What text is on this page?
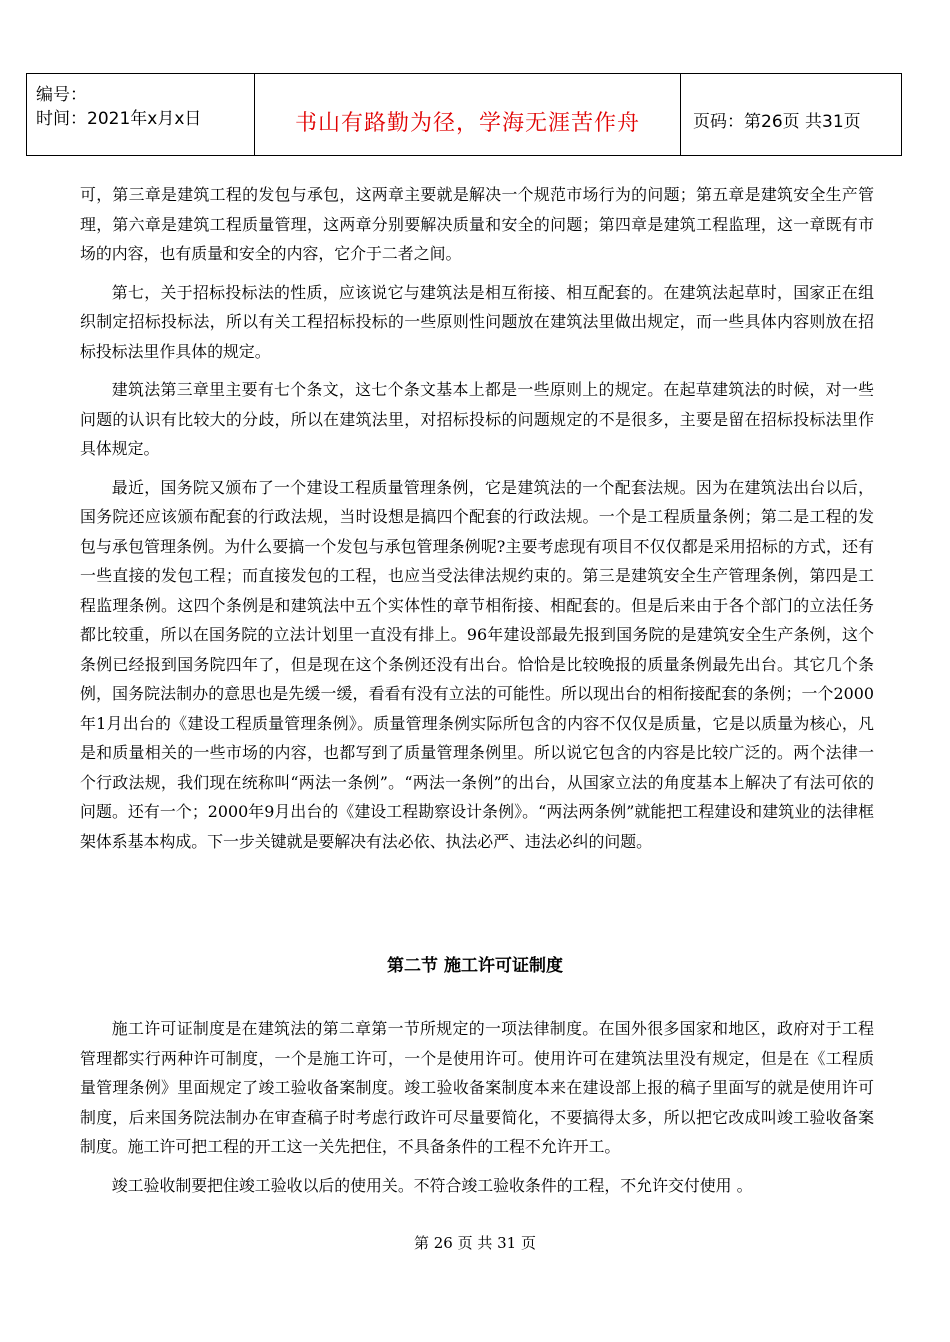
编号：
时间：2021年x月x日	书山有路勤为径，学海无涯苦作舟	页码：第26页 共31页

可，第三章是建筑工程的发包与承包，这两章主要就是解决一个规范市场行为的问题；第五章是建筑安全生产管理，第六章是建筑工程质量管理，这两章分别要解决质量和安全的问题；第四章是建筑工程监理，这一章既有市场的内容，也有质量和安全的内容，它介于二者之间。

第七，关于招标投标法的性质，应该说它与建筑法是相互衔接、相互配套的。在建筑法起草时，国家正在组织制定招标投标法，所以有关工程招标投标的一些原则性问题放在建筑法里做出规定，而一些具体内容则放在招标投标法里作具体的规定。

建筑法第三章里主要有七个条文，这七个条文基本上都是一些原则上的规定。在起草建筑法的时候，对一些问题的认识有比较大的分歧，所以在建筑法里，对招标投标的问题规定的不是很多，主要是留在招标投标法里作具体规定。

最近，国务院又颁布了一个建设工程质量管理条例，它是建筑法的一个配套法规。因为在建筑法出台以后，国务院还应该颁布配套的行政法规，当时设想是搞四个配套的行政法规。一个是工程质量条例；第二是工程的发包与承包管理条例。为什么要搞一个发包与承包管理条例呢?主要考虑现有项目不仅仅都是采用招标的方式，还有一些直接的发包工程；而直接发包的工程，也应当受法律法规约束的。第三是建筑安全生产管理条例，第四是工程监理条例。这四个条例是和建筑法中五个实体性的章节相衔接、相配套的。但是后来由于各个部门的立法任务都比较重，所以在国务院的立法计划里一直没有排上。96年建设部最先报到国务院的是建筑安全生产条例，这个条例已经报到国务院四年了，但是现在这个条例还没有出台。恰恰是比较晚报的质量条例最先出台。其它几个条例，国务院法制办的意思也是先缓一缓，看看有没有立法的可能性。所以现出台的相衔接配套的条例；一个2000年1月出台的《建设工程质量管理条例》。质量管理条例实际所包含的内容不仅仅是质量，它是以质量为核心，凡是和质量相关的一些市场的内容，也都写到了质量管理条例里。所以说它包含的内容是比较广泛的。两个法律一个行政法规，我们现在统称叫“两法一条例”。“两法一条例”的出台，从国家立法的角度基本上解决了有法可依的问题。还有一个；2000年9月出台的《建设工程勘察设计条例》。“两法两条例”就能把工程建设和建筑业的法律框架体系基本构成。下一步关键就是要解决有法必依、执法必严、违法必纠的问题。

第二节 施工许可证制度

施工许可证制度是在建筑法的第二章第一节所规定的一项法律制度。在国外很多国家和地区，政府对于工程管理都实行两种许可制度，一个是施工许可，一个是使用许可。使用许可在建筑法里没有规定，但是在《工程质量管理条例》里面规定了竣工验收备案制度。竣工验收备案制度本来在建设部上报的稿子里面写的就是使用许可制度，后来国务院法制办在审查稿子时考虑行政许可尽量要简化，不要搞得太多，所以把它改成叫竣工验收备案制度。施工许可把工程的开工这一关先把住，不具备条件的工程不允许开工。

竣工验收制要把住竣工验收以后的使用关。不符合竣工验收条件的工程，不允许交付使用 。

第 26 页 共 31 页
